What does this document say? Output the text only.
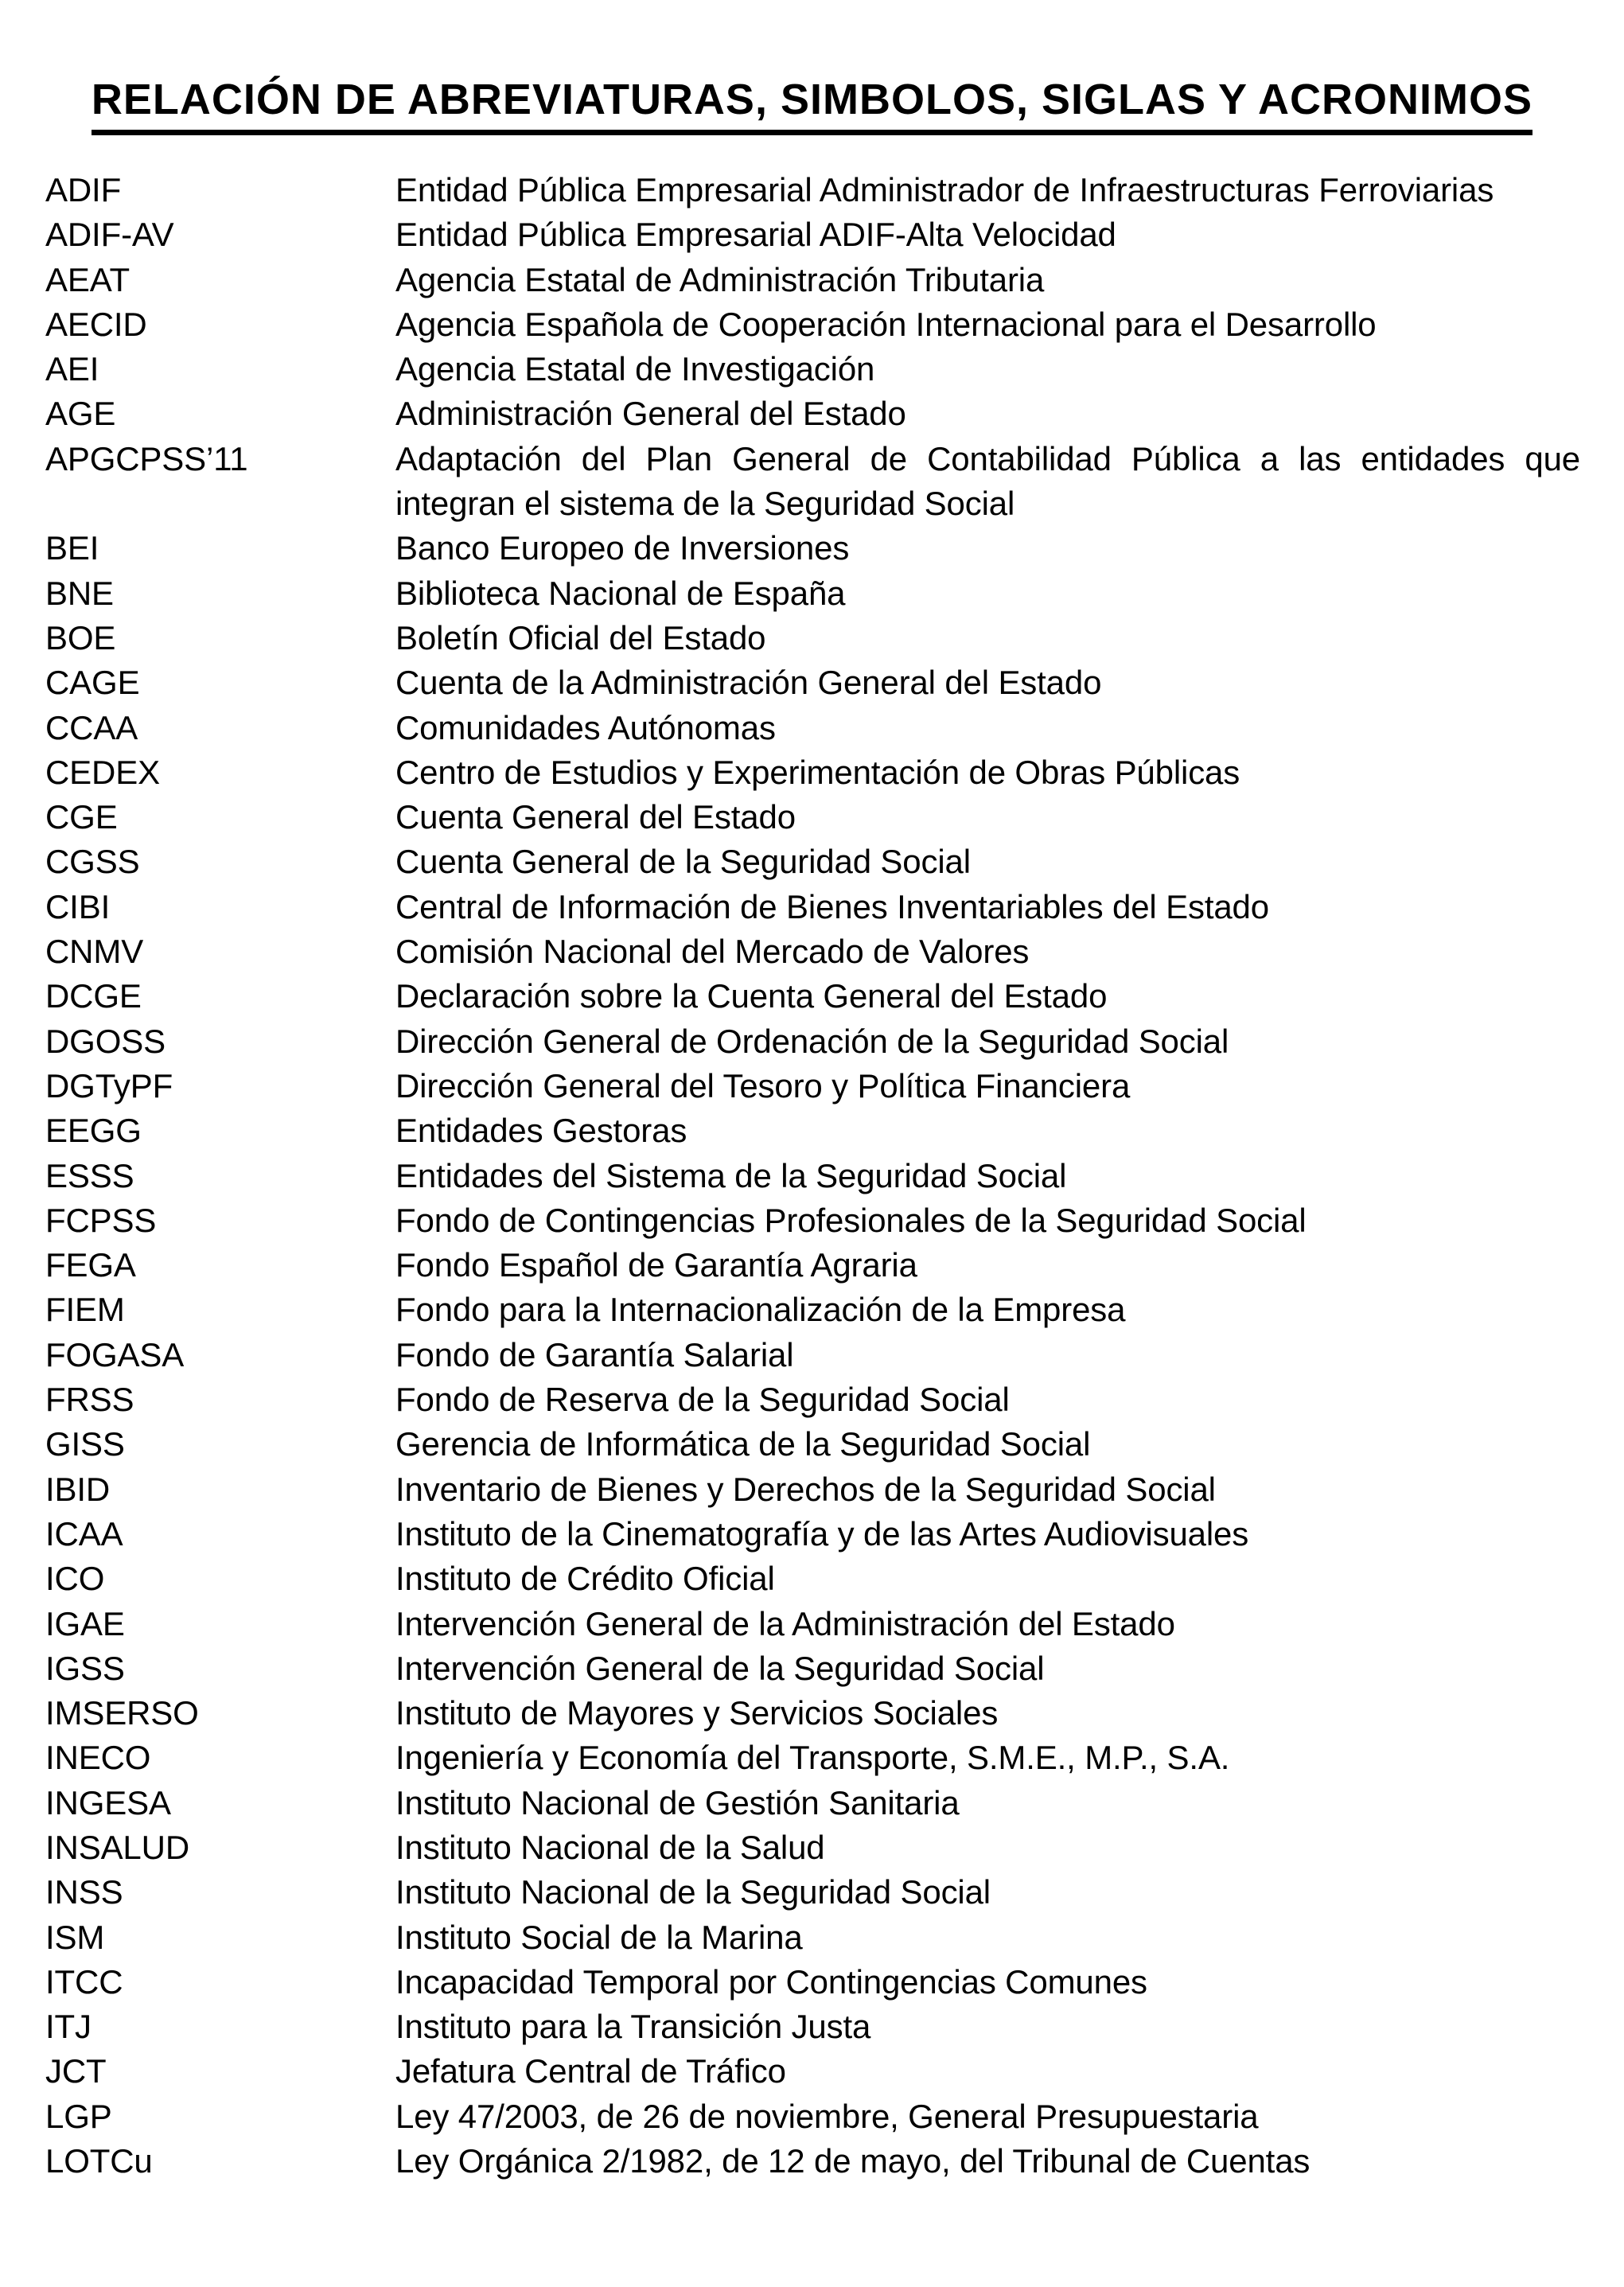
RELACIÓN DE ABREVIATURAS, SIMBOLOS, SIGLAS Y ACRONIMOS
ADIF	Entidad Pública Empresarial Administrador de Infraestructuras Ferroviarias
ADIF-AV	Entidad Pública Empresarial ADIF-Alta Velocidad
AEAT	Agencia Estatal de Administración Tributaria
AECID	Agencia Española de Cooperación Internacional para el Desarrollo
AEI	Agencia Estatal de Investigación
AGE	Administración General del Estado
APGCPSS’11	Adaptación del Plan General de Contabilidad Pública a las entidades que integran el sistema de la Seguridad Social
BEI	Banco Europeo de Inversiones
BNE	Biblioteca Nacional de España
BOE	Boletín Oficial del Estado
CAGE	Cuenta de la Administración General del Estado
CCAA	Comunidades Autónomas
CEDEX	Centro de Estudios y Experimentación de Obras Públicas
CGE	Cuenta General del Estado
CGSS	Cuenta General de la Seguridad Social
CIBI	Central de Información de Bienes Inventariables del Estado
CNMV	Comisión Nacional del Mercado de Valores
DCGE	Declaración sobre la Cuenta General del Estado
DGOSS	Dirección General de Ordenación de la Seguridad Social
DGTyPF	Dirección General del Tesoro y Política Financiera
EEGG	Entidades Gestoras
ESSS	Entidades del Sistema de la Seguridad Social
FCPSS	Fondo de Contingencias Profesionales de la Seguridad Social
FEGA	Fondo Español de Garantía Agraria
FIEM	Fondo para la Internacionalización de la Empresa
FOGASA	Fondo de Garantía Salarial
FRSS	Fondo de Reserva de la Seguridad Social
GISS	Gerencia de Informática de la Seguridad Social
IBID	Inventario de Bienes y Derechos de la Seguridad Social
ICAA	Instituto de la Cinematografía y de las Artes Audiovisuales
ICO	Instituto de Crédito Oficial
IGAE	Intervención General de la Administración del Estado
IGSS	Intervención General de la Seguridad Social
IMSERSO	Instituto de Mayores y Servicios Sociales
INECO	Ingeniería y Economía del Transporte, S.M.E., M.P., S.A.
INGESA	Instituto Nacional de Gestión Sanitaria
INSALUD	Instituto Nacional de la Salud
INSS	Instituto Nacional de la Seguridad Social
ISM	Instituto Social de la Marina
ITCC	Incapacidad Temporal por Contingencias Comunes
ITJ	Instituto para la Transición Justa
JCT	Jefatura Central de Tráfico
LGP	Ley 47/2003, de 26 de noviembre, General Presupuestaria
LOTCu	Ley Orgánica 2/1982, de 12 de mayo, del Tribunal de Cuentas
